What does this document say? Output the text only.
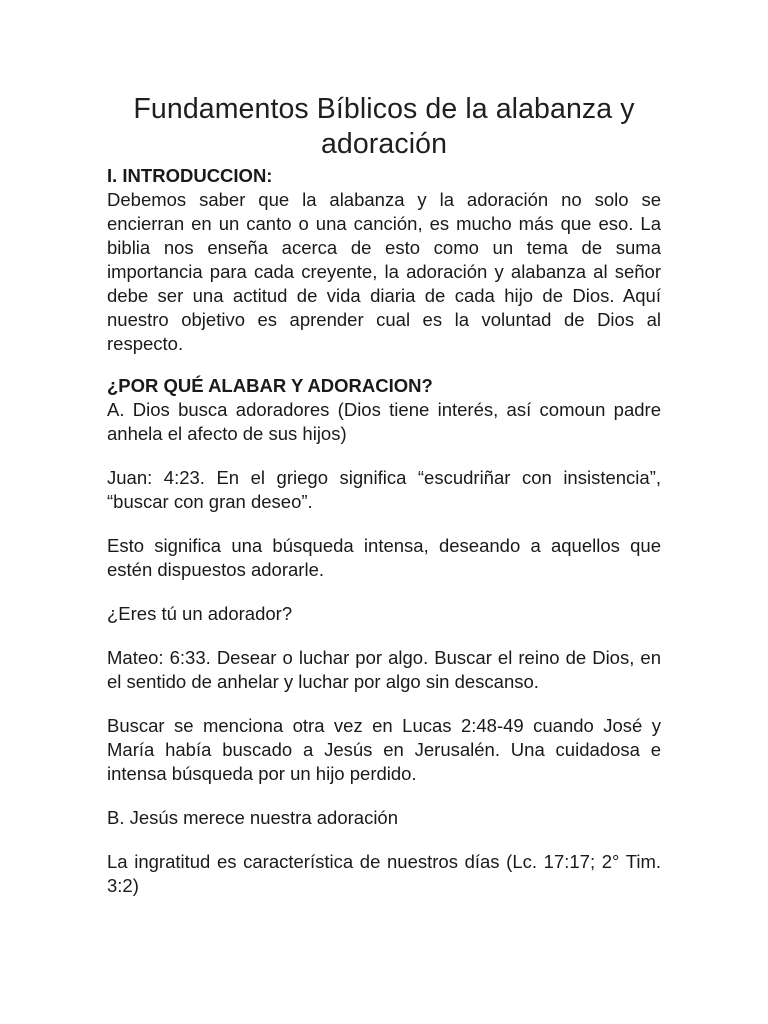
Fundamentos Bíblicos de la alabanza y adoración
I. INTRODUCCION:

Debemos saber que la alabanza y la adoración no solo se encierran en un canto o una canción, es mucho más que eso. La biblia nos enseña acerca de esto como un tema de suma importancia para cada creyente, la adoración y alabanza al señor debe ser una actitud de vida diaria de cada hijo de Dios. Aquí nuestro objetivo es aprender cual es la voluntad de Dios al respecto.

¿POR QUÉ ALABAR Y ADORACION?

A. Dios busca adoradores (Dios tiene interés, así comoun padre anhela el afecto de sus hijos)

Juan: 4:23. En el griego significa “escudriñar con insistencia”, “buscar con gran deseo”.

Esto significa una búsqueda intensa, deseando a aquellos que estén dispuestos adorarle.

¿Eres tú un adorador?

Mateo: 6:33. Desear o luchar por algo. Buscar el reino de Dios, en el sentido de anhelar y luchar por algo sin descanso.

Buscar se menciona otra vez en Lucas 2:48-49 cuando José y María había buscado a Jesús en Jerusalén. Una cuidadosa e intensa búsqueda por un hijo perdido.

B. Jesús merece nuestra adoración

La ingratitud es característica de nuestros días (Lc. 17:17; 2° Tim. 3:2)
